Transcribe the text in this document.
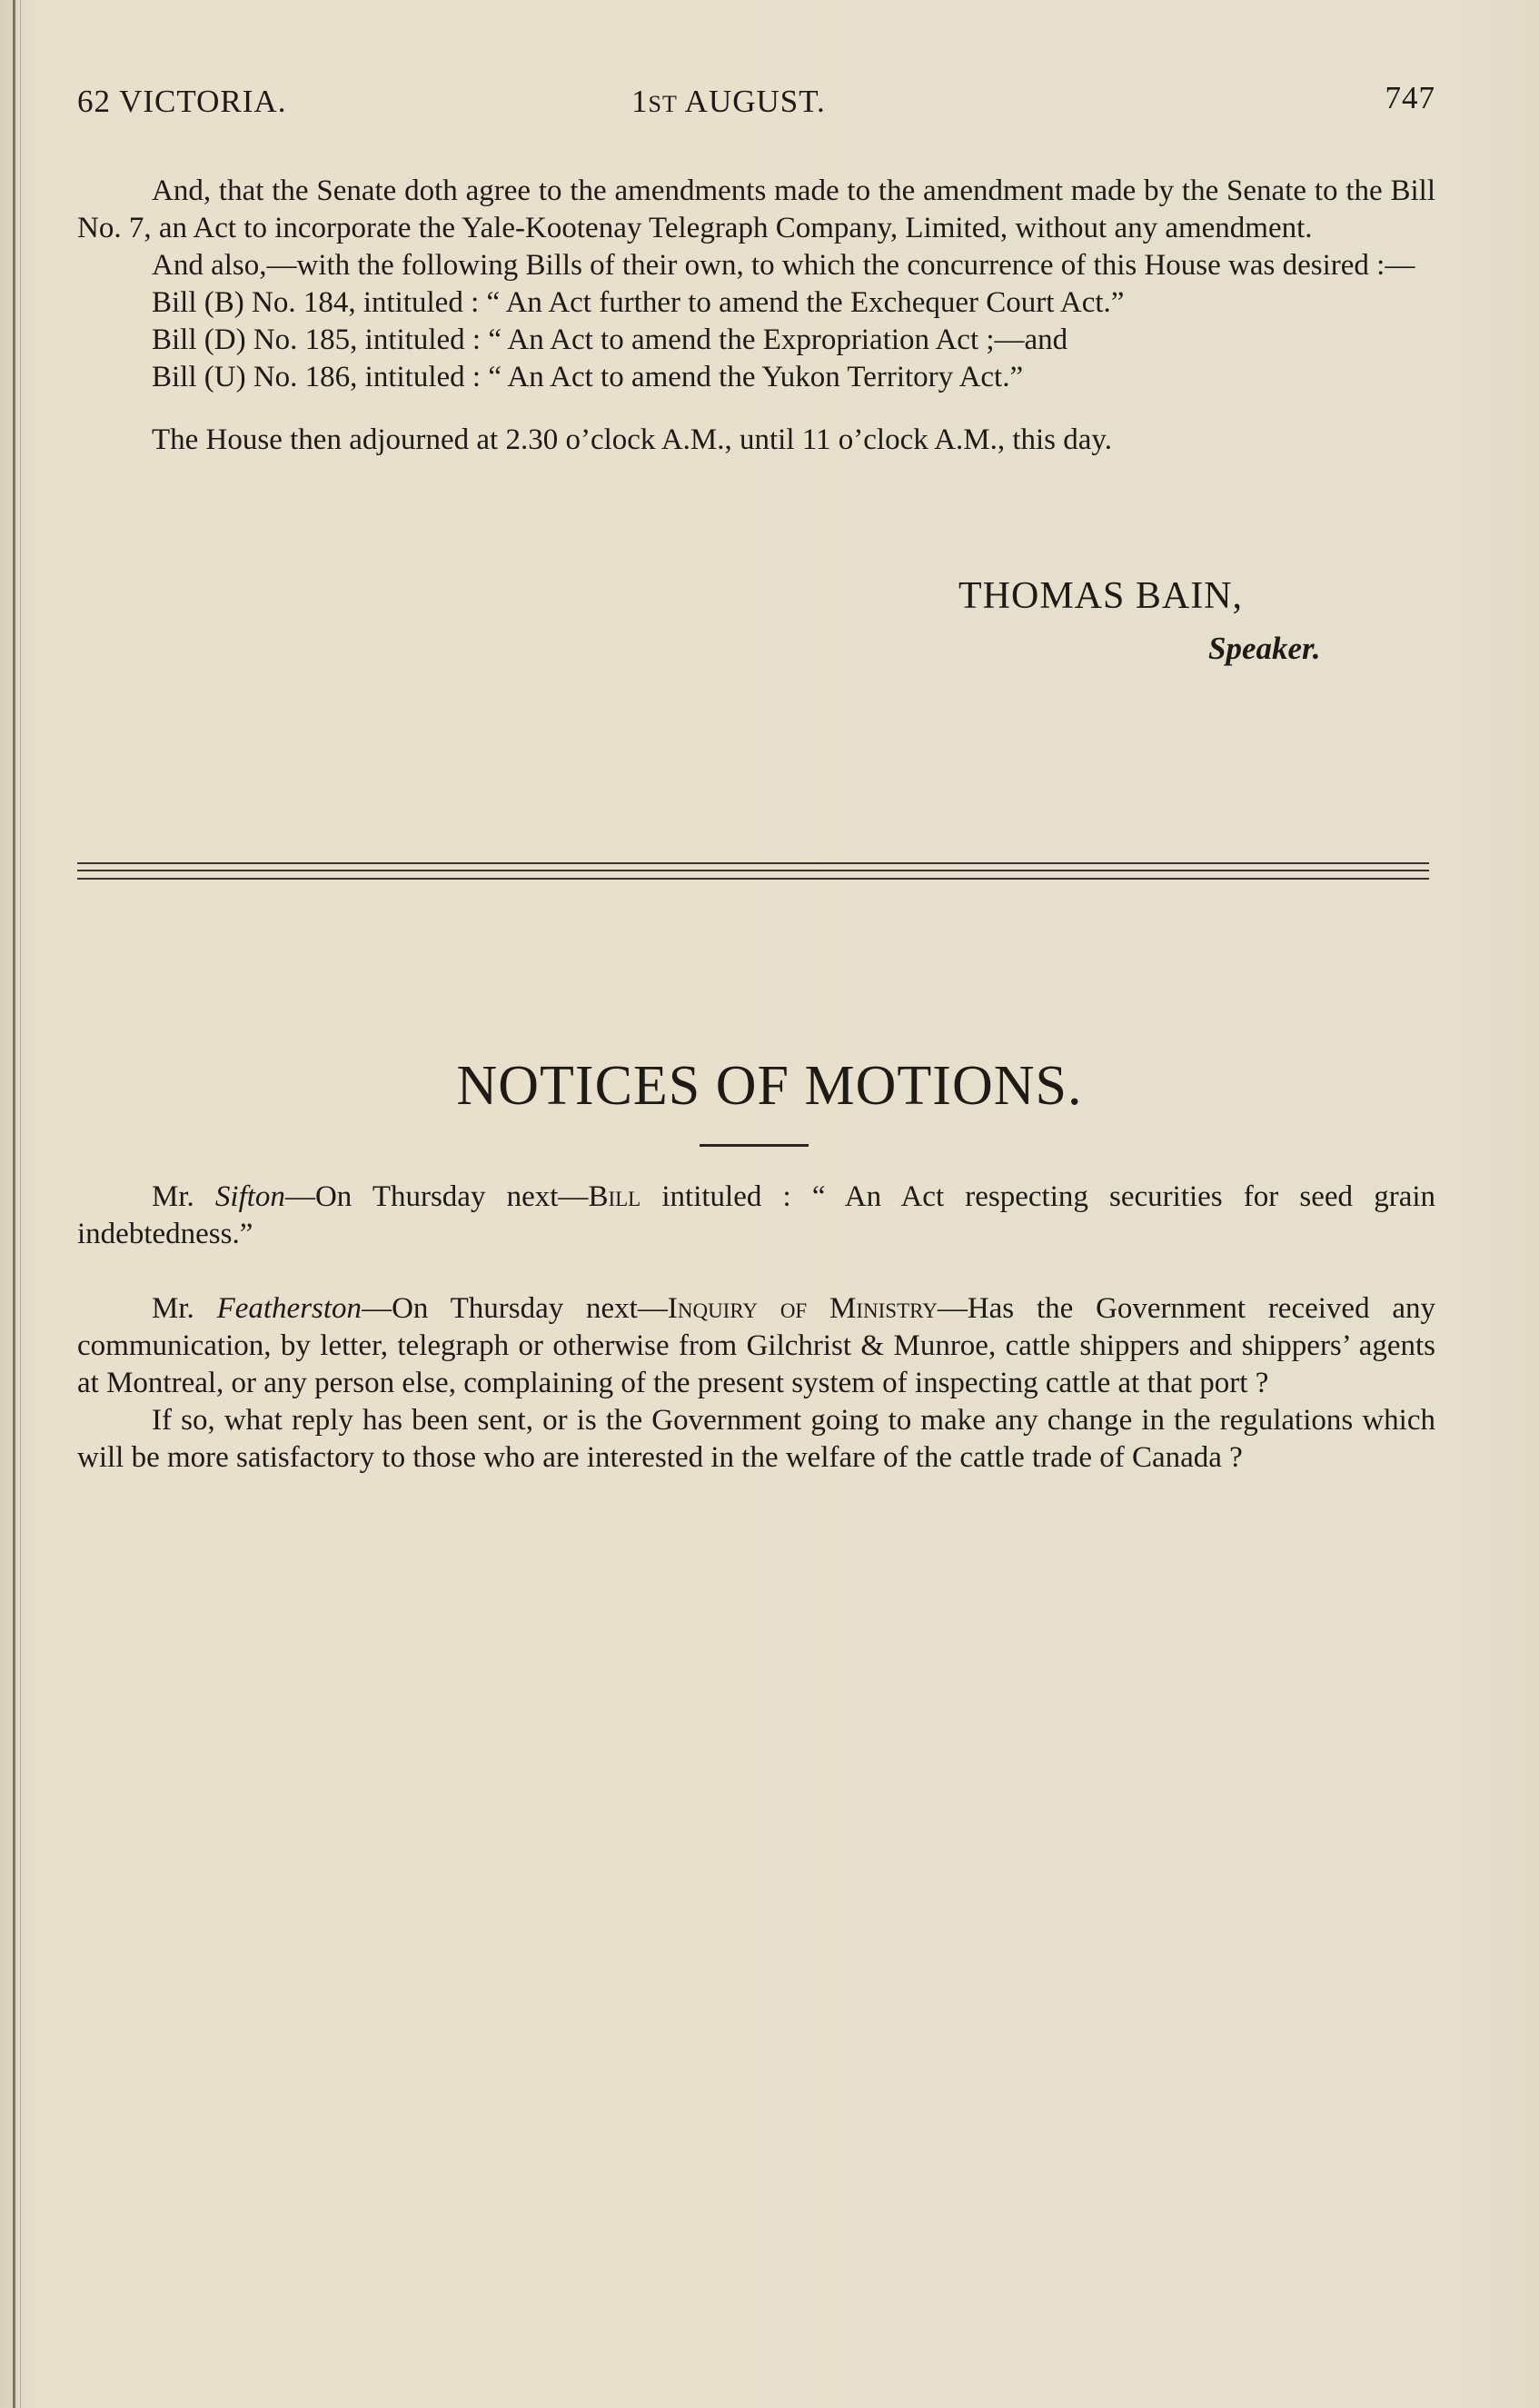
62 VICTORIA.	1ST AUGUST.	747

And, that the Senate doth agree to the amendments made to the amendment made by the Senate to the Bill No. 7, an Act to incorporate the Yale-Kootenay Telegraph Company, Limited, without any amendment.

And also,—with the following Bills of their own, to which the concurrence of this House was desired :—

Bill (B) No. 184, intituled : “ An Act further to amend the Exchequer Court Act.”

Bill (D) No. 185, intituled : “ An Act to amend the Expropriation Act ;—and

Bill (U) No. 186, intituled : “ An Act to amend the Yukon Territory Act.”

The House then adjourned at 2.30 o’clock A.M., until 11 o’clock A.M., this day.

THOMAS BAIN,
Speaker.
NOTICES OF MOTIONS.

Mr. Sifton—On Thursday next—Bill intituled : “ An Act respecting securities for seed grain indebtedness.”

Mr. Featherston—On Thursday next—Inquiry of Ministry—Has the Government received any communication, by letter, telegraph or otherwise from Gilchrist & Munroe, cattle shippers and shippers’ agents at Montreal, or any person else, complaining of the present system of inspecting cattle at that port ?

If so, what reply has been sent, or is the Government going to make any change in the regulations which will be more satisfactory to those who are interested in the welfare of the cattle trade of Canada ?
